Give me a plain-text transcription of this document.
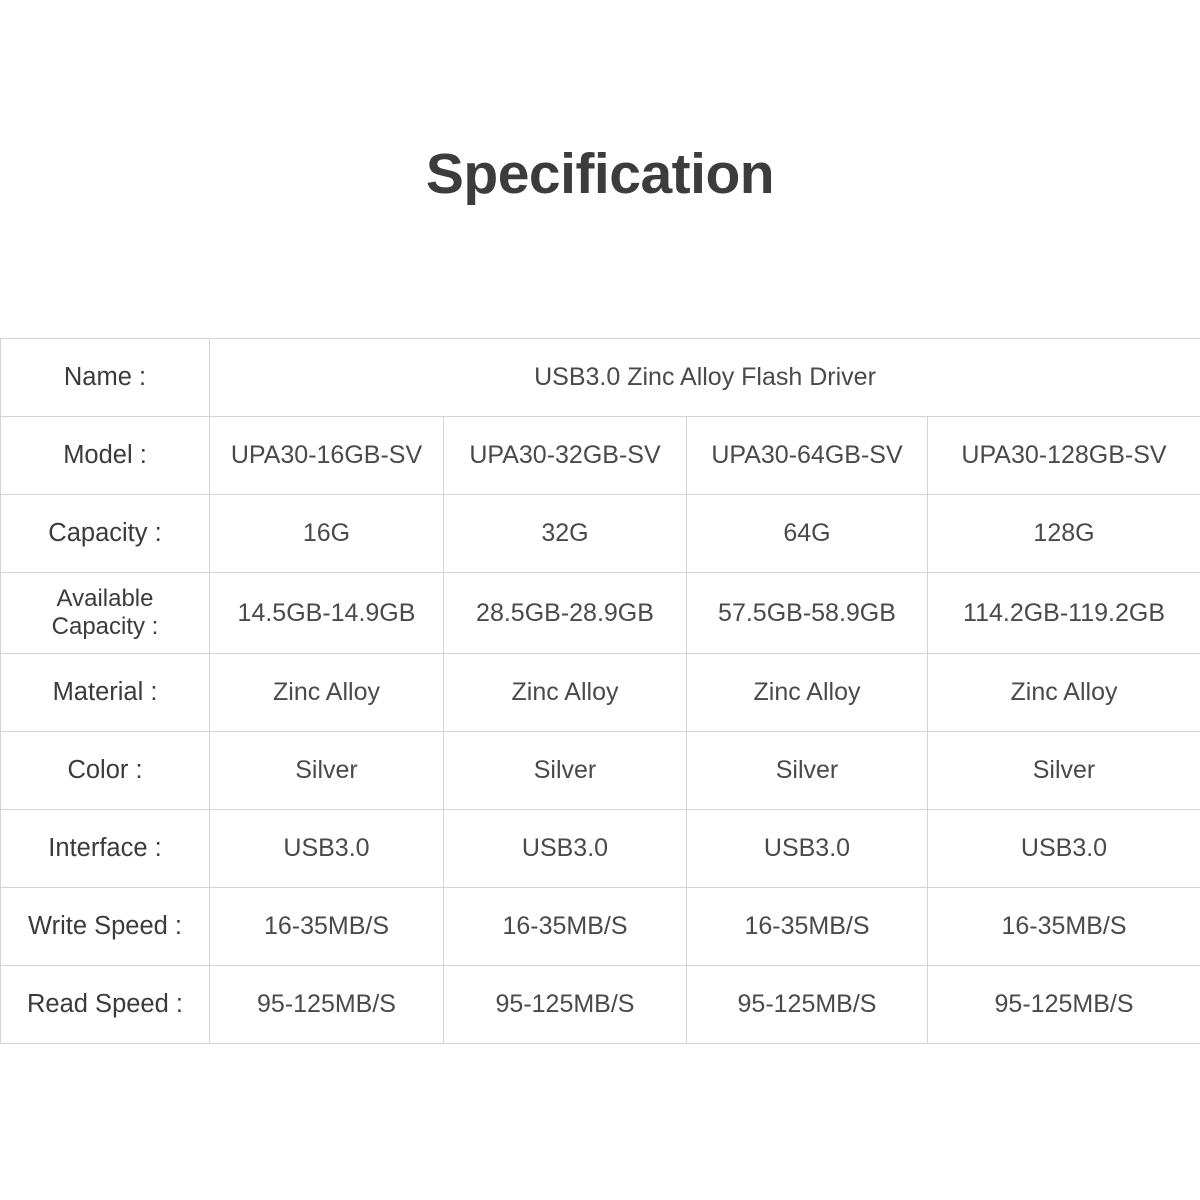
Specification
Name :	USB3.0 Zinc Alloy Flash Driver			
Model :	UPA30-16GB-SV	UPA30-32GB-SV	UPA30-64GB-SV	UPA30-128GB-SV
Capacity :	16G	32G	64G	128G
Available
Capacity :	14.5GB-14.9GB	28.5GB-28.9GB	57.5GB-58.9GB	114.2GB-119.2GB
Material :	Zinc Alloy	Zinc Alloy	Zinc Alloy	Zinc Alloy
Color :	Silver	Silver	Silver	Silver
Interface :	USB3.0	USB3.0	USB3.0	USB3.0
Write Speed :	16-35MB/S	16-35MB/S	16-35MB/S	16-35MB/S
Read Speed :	95-125MB/S	95-125MB/S	95-125MB/S	95-125MB/S
